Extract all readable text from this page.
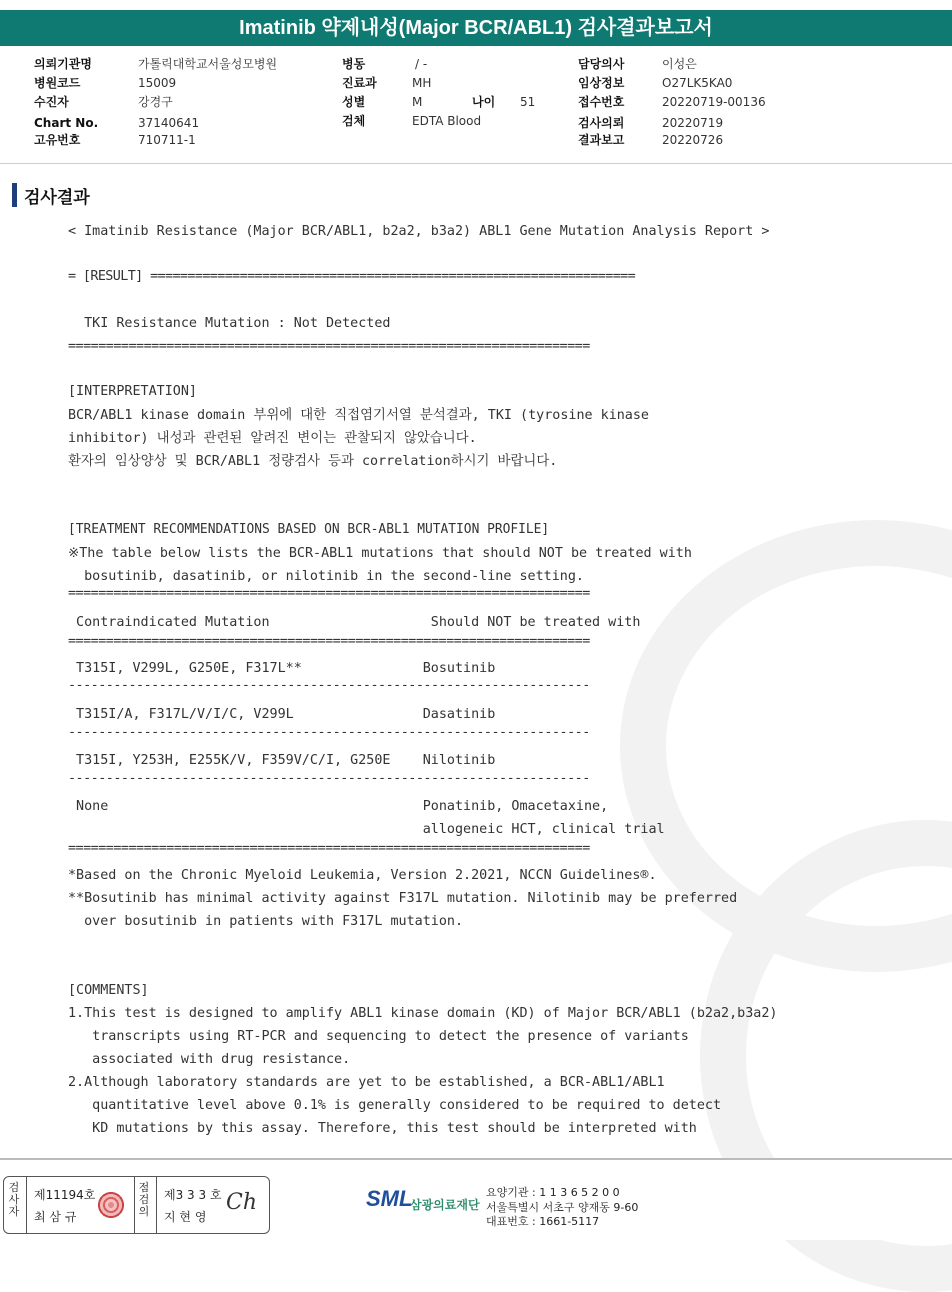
Imatinib 약제내성(Major BCR/ABL1) 검사결과보고서
의뢰기관명	가톨릭대학교서울성모병원
병원코드	15009
수진자	강경구
Chart No.	37140641
고유번호	710711-1
병동	/ -
진료과	MH
성별	M	나이 51
검체	EDTA Blood
담당의사	이성은
임상정보	O27LK5KA0
접수번호	20220719-00136
검사의뢰	20220719
결과보고	20220726
검사결과
< Imatinib Resistance (Major BCR/ABL1, b2a2, b3a2) ABL1 Gene Mutation Analysis Report >
= [RESULT] =================================================================
TKI Resistance Mutation : Not Detected
=====================================================================
[INTERPRETATION]
BCR/ABL1 kinase domain 부위에 대한 직접염기서열 분석결과, TKI (tyrosine kinase
inhibitor) 내성과 관련된 알려진 변이는 관찰되지 않았습니다.
환자의 임상양상 및 BCR/ABL1 정량검사 등과 correlation하시기 바랍니다.
[TREATMENT RECOMMENDATIONS BASED ON BCR-ABL1 MUTATION PROFILE]
※The table below lists the BCR-ABL1 mutations that should NOT be treated with
bosutinib, dasatinib, or nilotinib in the second-line setting.
=====================================================================
Contraindicated Mutation                    Should NOT be treated with
=====================================================================
T315I, V299L, G250E, F317L**               Bosutinib
---------------------------------------------------------------------
T315I/A, F317L/V/I/C, V299L                Dasatinib
---------------------------------------------------------------------
T315I, Y253H, E255K/V, F359V/C/I, G250E    Nilotinib
---------------------------------------------------------------------
None                                       Ponatinib, Omacetaxine,
allogeneic HCT, clinical trial
=====================================================================
*Based on the Chronic Myeloid Leukemia, Version 2.2021, NCCN Guidelines®.
**Bosutinib has minimal activity against F317L mutation. Nilotinib may be preferred
over bosutinib in patients with F317L mutation.
[COMMENTS]
1.This test is designed to amplify ABL1 kinase domain (KD) of Major BCR/ABL1 (b2a2,b3a2)
transcripts using RT-PCR and sequencing to detect the presence of variants
associated with drug resistance.
2.Although laboratory standards are yet to be established, a BCR-ABL1/ABL1
quantitative level above 0.1% is generally considered to be required to detect
KD mutations by this assay. Therefore, this test should be interpreted with
검사자
제11194호
최 삼 규
점검의
제3 3 3 호
지 현 영
Ch	SML
삼광의료재단
요양기관 : 1 1 3 6 5 2 0 0
서울특별시 서초구 양재동 9-60
대표번호 : 1661-5117
